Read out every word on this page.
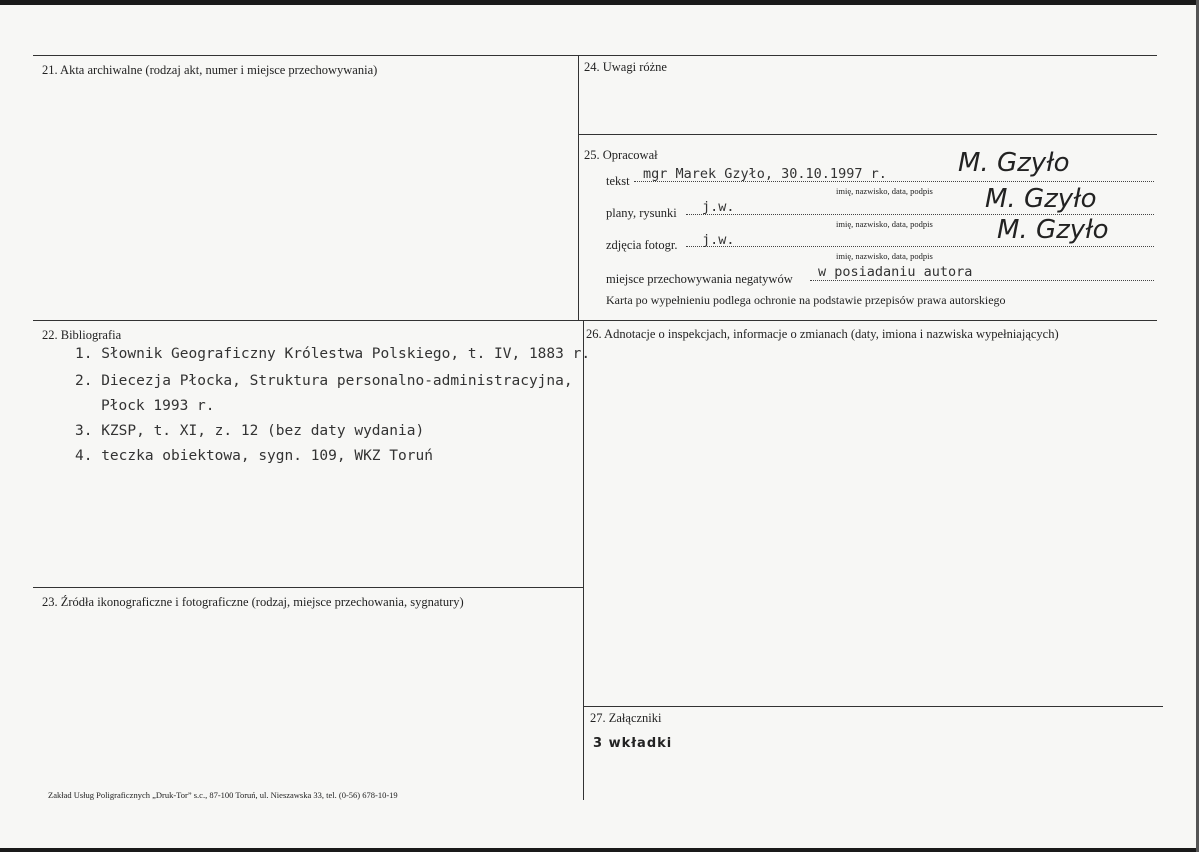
21. Akta archiwalne (rodzaj akt, numer i miejsce przechowywania)	24. Uwagi różne
25. Opracował
tekst mgr Marek Gzyło, 30.10.1997 r.
imię, nazwisko, data, podpis
plany, rysunki j.w.
imię, nazwisko, data, podpis
zdjęcia fotogr. j.w.
imię, nazwisko, data, podpis
miejsce przechowywania negatywów w posiadaniu autora
Karta po wypełnieniu podlega ochronie na podstawie przepisów prawa autorskiego
M. Gzyło
M. Gzyło
M. Gzyło
22. Bibliografia
1. Słownik Geograficzny Królestwa Polskiego, t. IV, 1883 r.
2. Diecezja Płocka, Struktura personalno-administracyjna,
Płock 1993 r.
3. KZSP, t. XI, z. 12 (bez daty wydania)
4. teczka obiektowa, sygn. 109, WKZ Toruń
26. Adnotacje o inspekcjach, informacje o zmianach (daty, imiona i nazwiska wypełniających)
23. Źródła ikonograficzne i fotograficzne (rodzaj, miejsce przechowania, sygnatury)
27. Załączniki
3 wkładki
Zakład Usług Poligraficznych „Druk-Tor” s.c., 87-100 Toruń, ul. Nieszawska 33, tel. (0-56) 678-10-19
